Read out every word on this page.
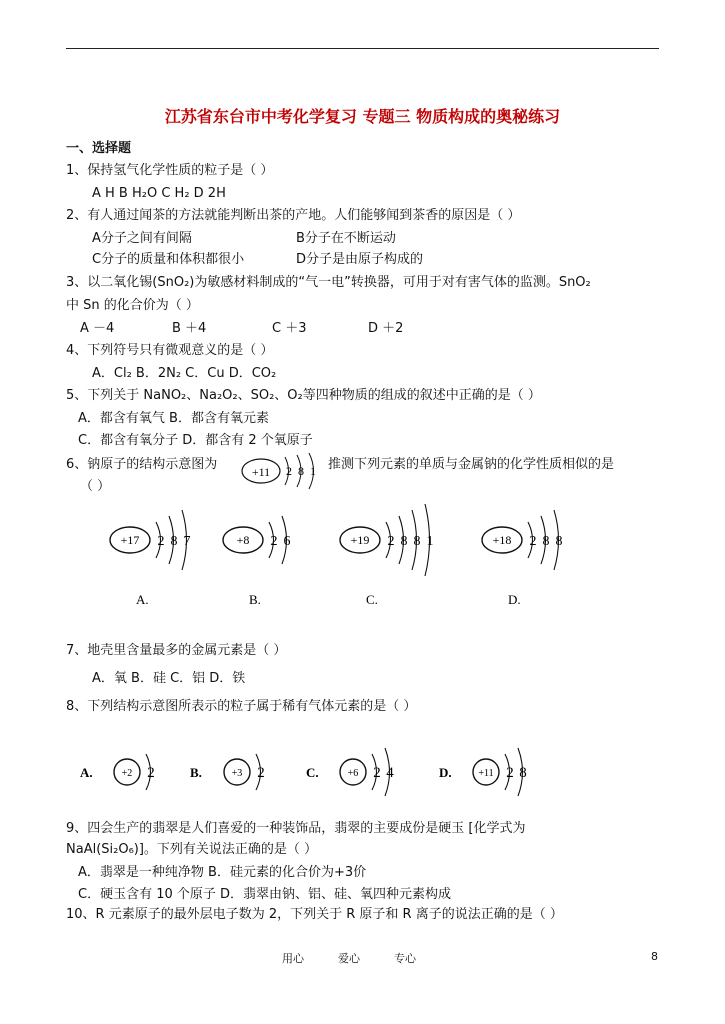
江苏省东台市中考化学复习 专题三 物质构成的奥秘练习
一、选择题
1、保持氢气化学性质的粒子是（ ）
A H B H₂O C H₂ D 2H
2、有人通过闻茶的方法就能判断出茶的产地。人们能够闻到茶香的原因是（ ）
A分子之间有间隔	B分子在不断运动
C分子的质量和体积都很小	D分子是由原子构成的
3、以二氧化锡(SnO₂)为敏感材料制成的“气一电”转换器，可用于对有害气体的监测。SnO₂
中 Sn 的化合价为（ ）
A －4	B ＋4	C ＋3	D ＋2
4、下列符号只有微观意义的是（ ）
A．Cl₂ B．2N₂ C．Cu D．CO₂
5、下列关于 NaNO₂、Na₂O₂、SO₂、O₂等四种物质的组成的叙述中正确的是（ ）
A．都含有氧气 B．都含有氧元素
C．都含有氧分子 D．都含有 2 个氧原子
6、钠原子的结构示意图为	+11 2 8 1 推测下列元素的单质与金属钠的化学性质相似的是
（ ）
A.
+17 2 8 7
B.
+8 2 6
C.
+19 2 8 8 1
D.
+18 2 8 8
7、地壳里含量最多的金属元素是（ ）
A．氧 B．硅 C．铝 D．铁
8、下列结构示意图所表示的粒子属于稀有气体元素的是（ ）
A.	+2 2	B.	+3 2	C.	+6 2 4	D.	+11 2 8
9、四会生产的翡翠是人们喜爱的一种装饰品，翡翠的主要成份是硬玉 [化学式为
NaAl(Si₂O₆)]。下列有关说法正确的是（ ）
A．翡翠是一种纯净物 B．硅元素的化合价为+3价
C．硬玉含有 10 个原子 D．翡翠由钠、铝、硅、氧四种元素构成
10、R 元素原子的最外层电子数为 2，下列关于 R 原子和 R 离子的说法正确的是（ ）
用心	爱心	专心	8
